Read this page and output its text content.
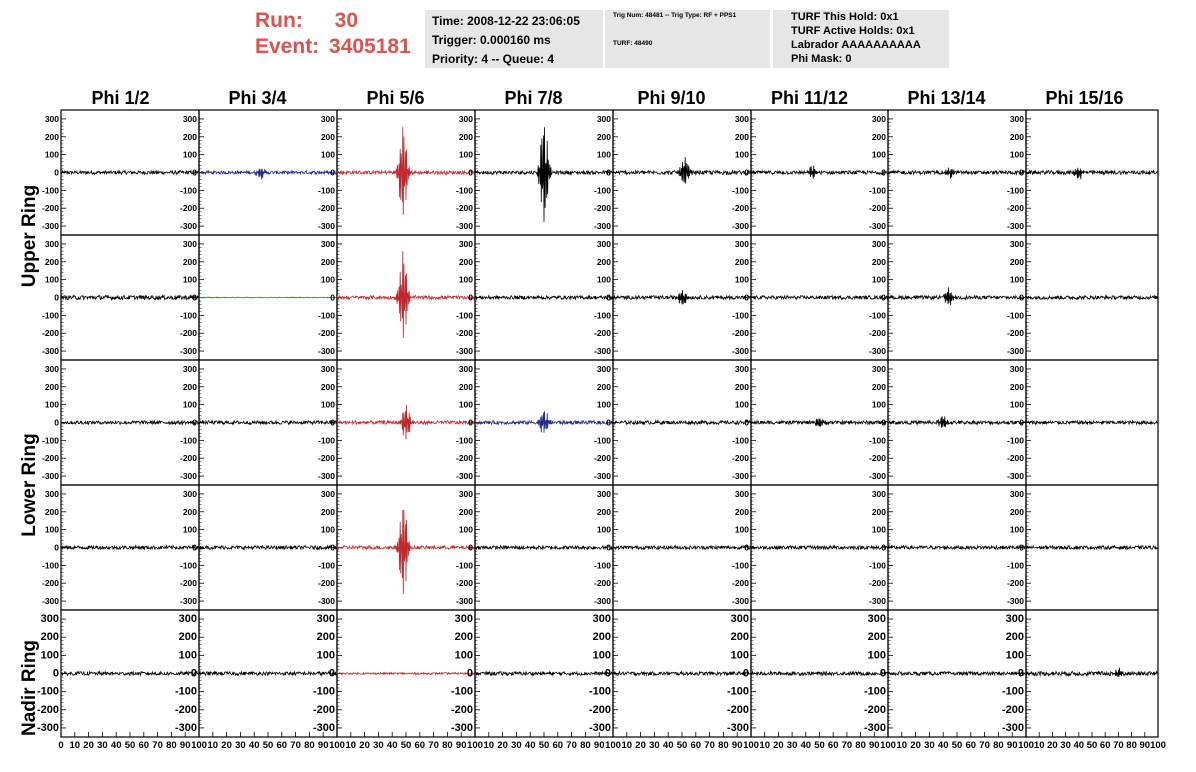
Run: 30
Event: 3405181
Time: 2008-12-22 23:06:05
Trigger: 0.000160 ms
Priority: 4 -- Queue: 4
Trig Num: 48481 -- Trig Type: RF + PPS1
TURF: 48490
TURF This Hold: 0x1
TURF Active Holds: 0x1
Labrador AAAAAAAAAA
Phi Mask: 0
Phi 1/2	Phi 3/4	Phi 5/6	Phi 7/8	Phi 9/10	Phi 11/12	Phi 13/14	Phi 15/16
Upper Ring
Lower Ring
Nadir Ring
300
200
100
0
-100
-200
-300
300
200
100
0
-100
-200
-300
300
200
100
0
-100
-200
-300
300
200
100
0
-100
-200
-300
300
200
100
0
-100
-200
-300
300
200
100
0
-100
-200
-300
300
200
100
0
-100
-200
-300
300
200
100
0
-100
-200
-300
300
200
100
0
-100
-200
-300
300
200
100
0
-100
-200
-300
300
200
100
0
-100
-200
-300
300
200
100
0
-100
-200
-300
300
200
100
0
-100
-200
-300
300
200
100
0
-100
-200
-300
300
200
100
0
-100
-200
-300
300
200
100
0
-100
-200
-300
300
200
100
0
-100
-200
-300
300
200
100
0
-100
-200
-300
300
200
100
0
-100
-200
-300
300
200
100
0
-100
-200
-300
300
200
100
0
-100
-200
-300
300
200
100
0
-100
-200
-300
300
200
100
0
-100
-200
-300
300
200
100
0
-100
-200
-300
300
200
100
0
-100
-200
-300
300
200
100
0
-100
-200
-300
300
200
100
0
-100
-200
-300
300
200
100
0
-100
-200
-300
300
200
100
0
-100
-200
-300
300
200
100
0
-100
-200
-300
300
200
100
0
-100
-200
-300
300
200
100
0
-100
-200
-300
300
200
100
0
-100
-200
-300
0 10 20 30 40 50 60 70 80 90 100
300
200
100
0
-100
-200
-300
10 20 30 40 50 60 70 80 90 100
300
200
100
0
-100
-200
-300
10 20 30 40 50 60 70 80 90 100
300
200
100
0
-100
-200
-300
10 20 30 40 50 60 70 80 90 100
300
200
100
0
-100
-200
-300
10 20 30 40 50 60 70 80 90 100
300
200
100
0
-100
-200
-300
10 20 30 40 50 60 70 80 90 100
300
200
100
0
-100
-200
-300
10 20 30 40 50 60 70 80 90 100
300
200
100
0
-100
-200
-300
10 20 30 40 50 60 70 80 90 100
